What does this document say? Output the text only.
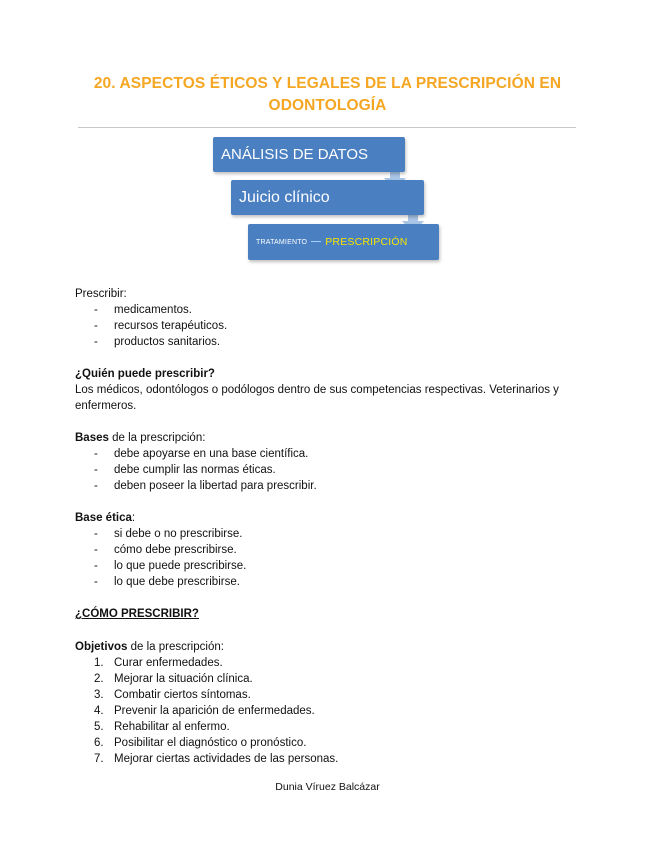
20. ASPECTOS ÉTICOS Y LEGALES DE LA PRESCRIPCIÓN EN
ODONTOLOGÍA
ANÁLISIS DE DATOS
Juicio clínico
TRATAMIENTO PRESCRIPCIÓN
Prescribir:
- medicamentos.
- recursos terapéuticos.
- productos sanitarios.
¿Quién puede prescribir?
Los médicos, odontólogos o podólogos dentro de sus competencias respectivas. Veterinarios y
enfermeros.
Bases de la prescripción:
- debe apoyarse en una base científica.
- debe cumplir las normas éticas.
- deben poseer la libertad para prescribir.
Base ética:
- si debe o no prescribirse.
- cómo debe prescribirse.
- lo que puede prescribirse.
- lo que debe prescribirse.
¿CÓMO PRESCRIBIR?
Objetivos de la prescripción:
1. Curar enfermedades.
2. Mejorar la situación clínica.
3. Combatir ciertos síntomas.
4. Prevenir la aparición de enfermedades.
5. Rehabilitar al enfermo.
6. Posibilitar el diagnóstico o pronóstico.
7. Mejorar ciertas actividades de las personas.
Dunia Víruez Balcázar
